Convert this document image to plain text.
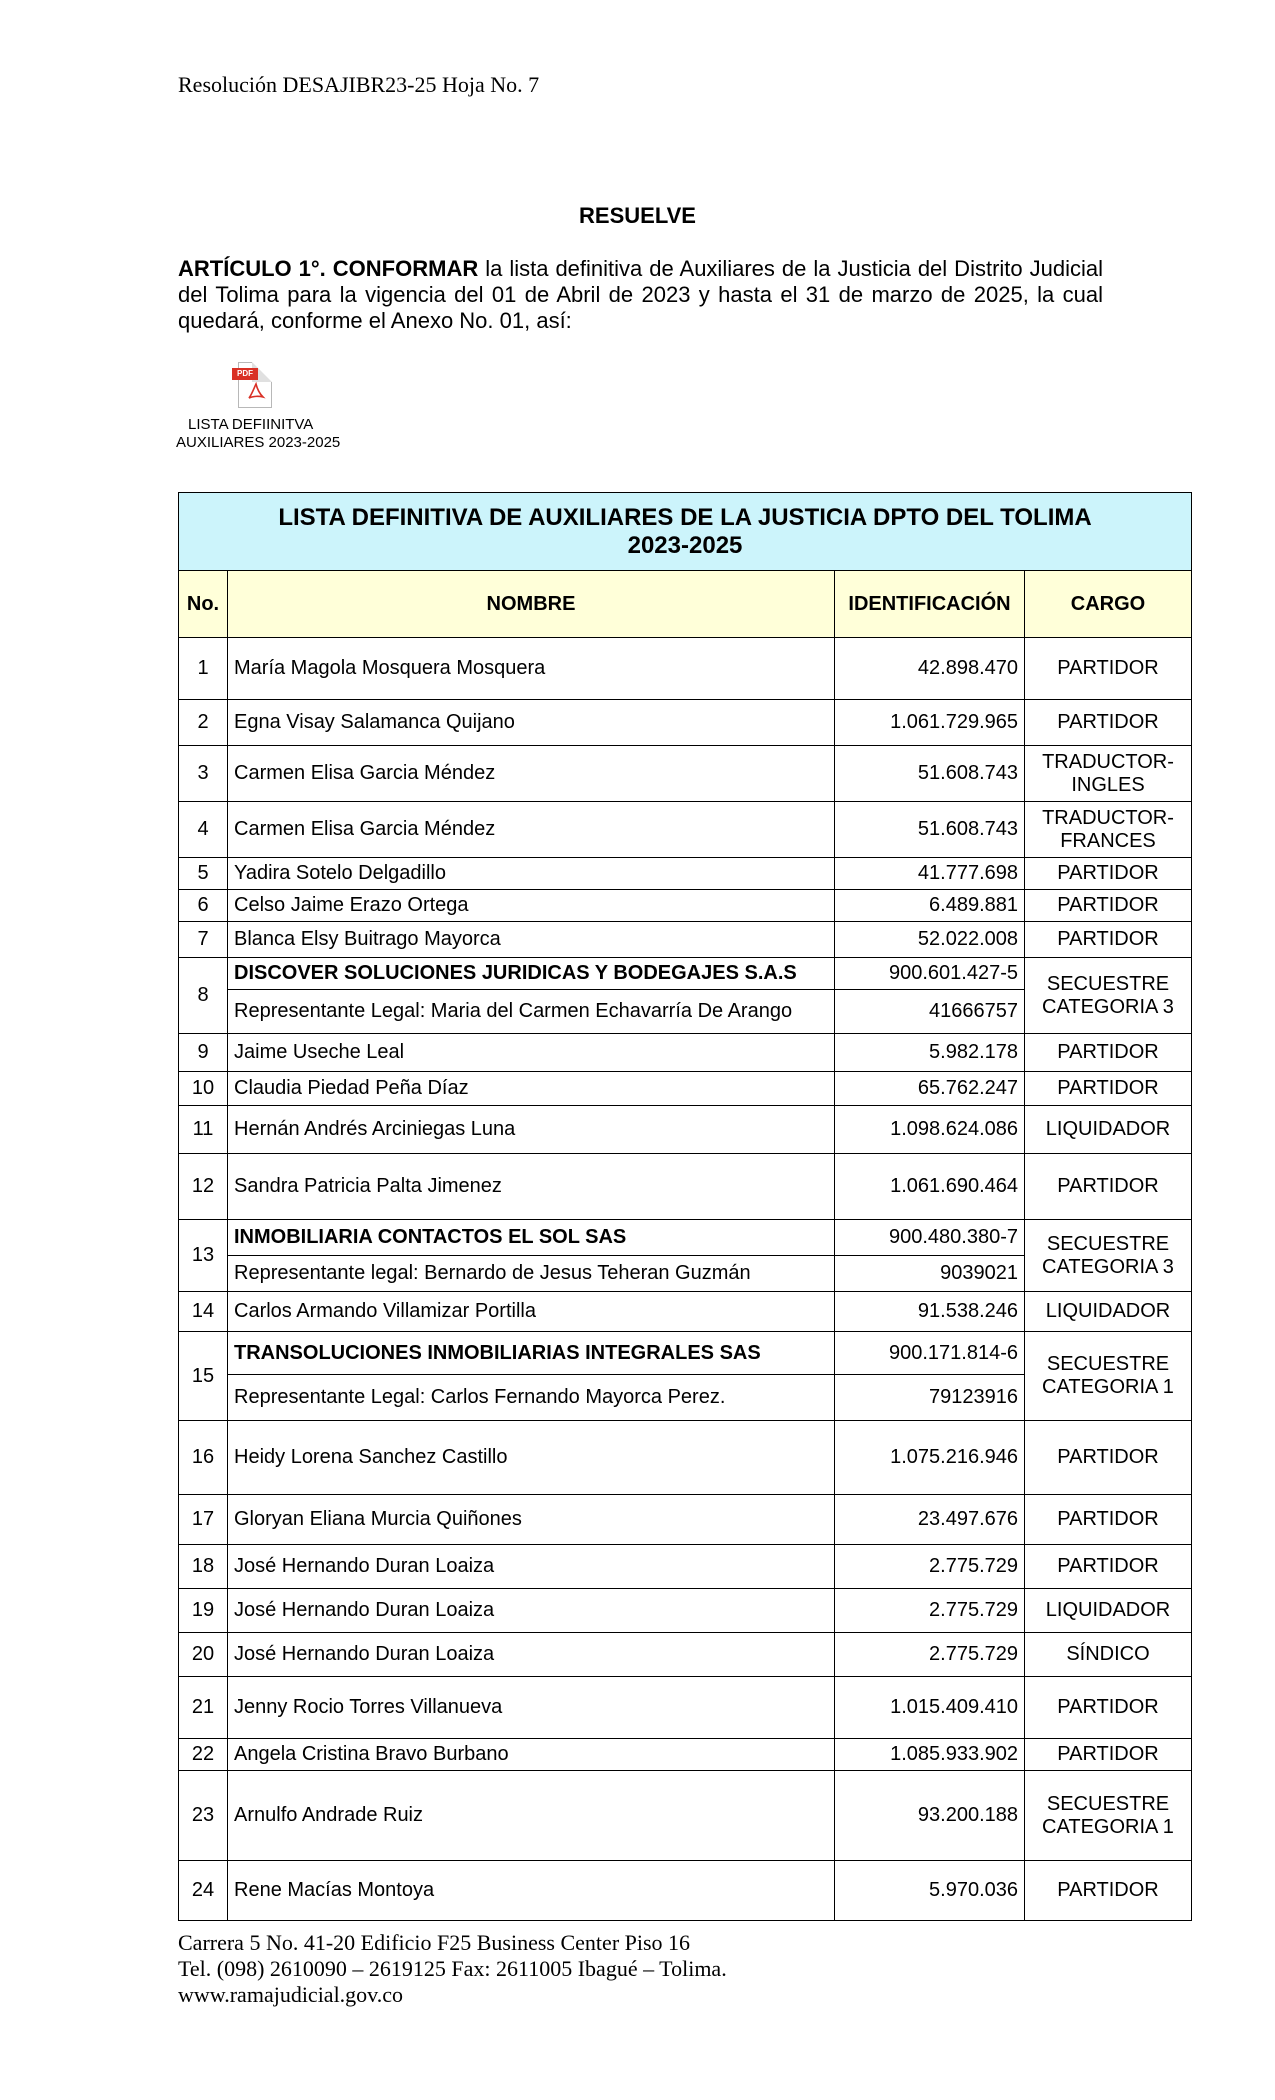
Resolución DESAJIBR23-25 Hoja No. 7
RESUELVE
ARTÍCULO 1°. CONFORMAR la lista definitiva de Auxiliares de la Justicia del Distrito Judicial del Tolima para la vigencia del 01 de Abril de 2023 y hasta el 31 de marzo de 2025, la cual quedará, conforme el Anexo No. 01, así:
PDF
LISTA DEFIINITVA
AUXILIARES 2023-2025
LISTA DEFINITIVA DE AUXILIARES DE LA JUSTICIA DPTO DEL TOLIMA
2023-2025			

No.	NOMBRE	IDENTIFICACIÓN	CARGO
1	María Magola Mosquera Mosquera	42.898.470	PARTIDOR
2	Egna Visay Salamanca Quijano	1.061.729.965	PARTIDOR
3	Carmen Elisa Garcia Méndez	51.608.743	TRADUCTOR-INGLES
4	Carmen Elisa Garcia Méndez	51.608.743	TRADUCTOR-FRANCES
5	Yadira Sotelo Delgadillo	41.777.698	PARTIDOR
6	Celso Jaime Erazo Ortega	6.489.881	PARTIDOR
7	Blanca Elsy Buitrago Mayorca	52.022.008	PARTIDOR
8	DISCOVER SOLUCIONES JURIDICAS Y BODEGAJES S.A.S	900.601.427-5	SECUESTRE CATEGORIA 3
	Representante Legal: Maria del Carmen Echavarría De Arango	41666757	
9	Jaime Useche Leal	5.982.178	PARTIDOR
10	Claudia Piedad Peña Díaz	65.762.247	PARTIDOR
11	Hernán Andrés Arciniegas Luna	1.098.624.086	LIQUIDADOR
12	Sandra Patricia Palta Jimenez	1.061.690.464	PARTIDOR
13	INMOBILIARIA CONTACTOS EL SOL SAS	900.480.380-7	SECUESTRE CATEGORIA 3
	Representante legal: Bernardo de Jesus Teheran Guzmán	9039021	
14	Carlos Armando Villamizar Portilla	91.538.246	LIQUIDADOR
15	TRANSOLUCIONES INMOBILIARIAS INTEGRALES SAS	900.171.814-6	SECUESTRE CATEGORIA 1
	Representante Legal: Carlos Fernando Mayorca Perez.	79123916	
16	Heidy Lorena Sanchez Castillo	1.075.216.946	PARTIDOR
17	Gloryan Eliana Murcia Quiñones	23.497.676	PARTIDOR
18	José Hernando Duran Loaiza	2.775.729	PARTIDOR
19	José Hernando Duran Loaiza	2.775.729	LIQUIDADOR
20	José Hernando Duran Loaiza	2.775.729	SÍNDICO
21	Jenny Rocio Torres Villanueva	1.015.409.410	PARTIDOR
22	Angela Cristina Bravo Burbano	1.085.933.902	PARTIDOR
23	Arnulfo Andrade Ruiz	93.200.188	SECUESTRE CATEGORIA 1
24	Rene Macías Montoya	5.970.036	PARTIDOR
Carrera 5 No. 41-20 Edificio F25 Business Center Piso 16
Tel. (098) 2610090 – 2619125 Fax: 2611005 Ibagué – Tolima.
www.ramajudicial.gov.co
